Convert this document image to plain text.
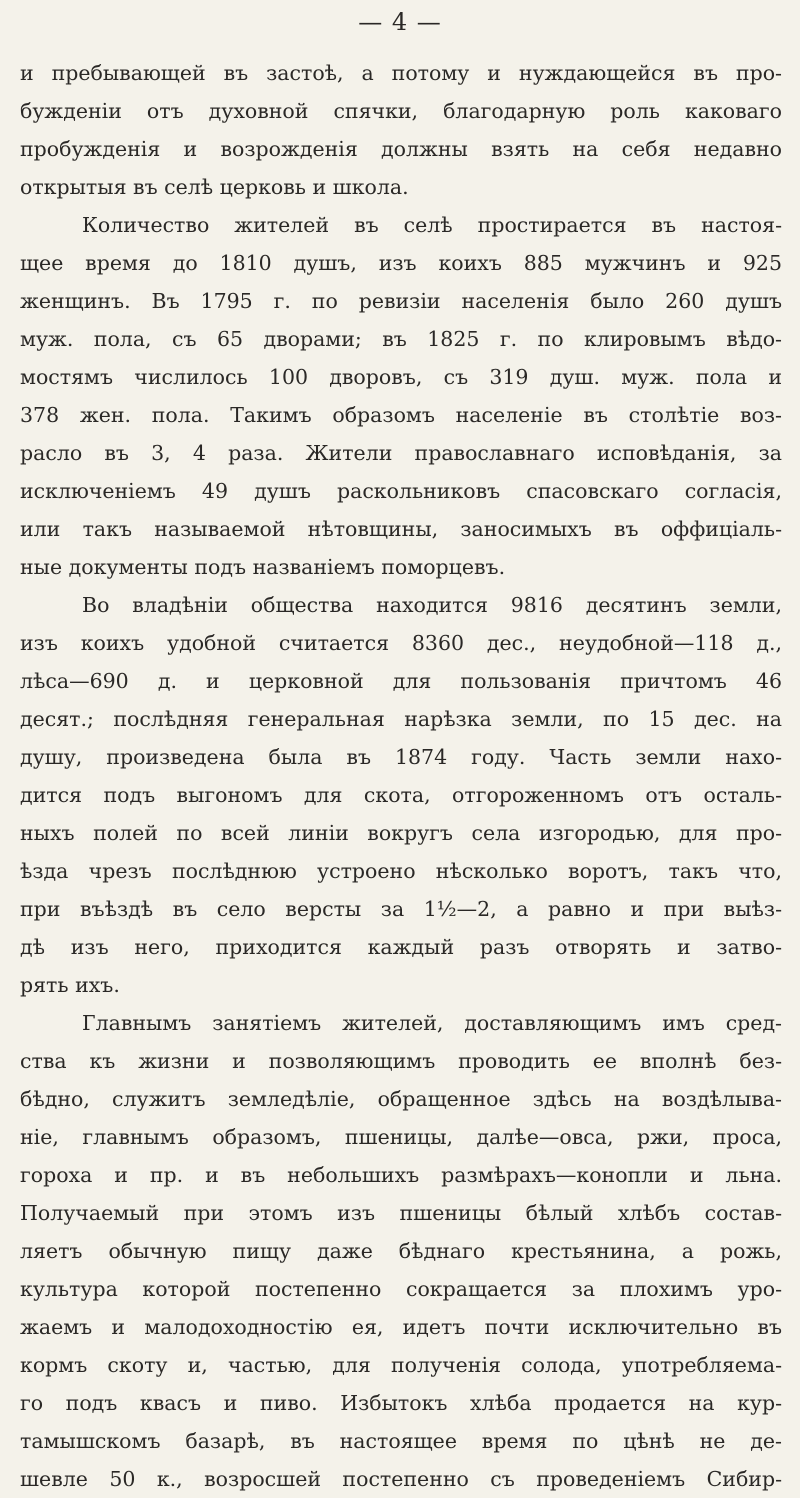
— 4 —
и пребывающей въ застоѣ, а потому и нуждающейся въ про-
бужденіи отъ духовной спячки, благодарную роль каковаго
пробужденія и возрожденія должны взять на себя недавно
открытыя въ селѣ церковь и школа.
Количество жителей въ селѣ простирается въ настоя-
щее время до 1810 душъ, изъ коихъ 885 мужчинъ и 925
женщинъ. Въ 1795 г. по ревизіи населенія было 260 душъ
муж. пола, съ 65 дворами; въ 1825 г. по клировымъ вѣдо-
мостямъ числилось 100 дворовъ, съ 319 душ. муж. пола и
378 жен. пола. Такимъ образомъ населеніе въ столѣтіе воз-
расло въ 3, 4 раза. Жители православнаго исповѣданія, за
исключеніемъ 49 душъ раскольниковъ спасовскаго согласія,
или такъ называемой нѣтовщины, заносимыхъ въ оффиціаль-
ные документы подъ названіемъ поморцевъ.
Во владѣніи общества находится 9816 десятинъ земли,
изъ коихъ удобной считается 8360 дес., неудобной—118 д.,
лѣса—690 д. и церковной для пользованія причтомъ 46
десят.; послѣдняя генеральная нарѣзка земли, по 15 дес. на
душу, произведена была въ 1874 году. Часть земли нахо-
дится подъ выгономъ для скота, отгороженномъ отъ осталь-
ныхъ полей по всей линіи вокругъ села изгородью, для про-
ѣзда чрезъ послѣднюю устроено нѣсколько воротъ, такъ что,
при въѣздѣ въ село версты за 1½—2, а равно и при выѣз-
дѣ изъ него, приходится каждый разъ отворять и затво-
рять ихъ.
Главнымъ занятіемъ жителей, доставляющимъ имъ сред-
ства къ жизни и позволяющимъ проводить ее вполнѣ без-
бѣдно, служитъ земледѣліе, обращенное здѣсь на воздѣлыва-
ніе, главнымъ образомъ, пшеницы, далѣе—овса, ржи, проса,
гороха и пр. и въ небольшихъ размѣрахъ—конопли и льна.
Получаемый при этомъ изъ пшеницы бѣлый хлѣбъ состав-
ляетъ обычную пищу даже бѣднаго крестьянина, а рожь,
культура которой постепенно сокращается за плохимъ уро-
жаемъ и малодоходностію ея, идетъ почти исключительно въ
кормъ скоту и, частью, для полученія солода, употребляема-
го подъ квасъ и пиво. Избытокъ хлѣба продается на кур-
тамышскомъ базарѣ, въ настоящее время по цѣнѣ не де-
шевле 50 к., возросшей постепенно съ проведеніемъ Сибир-
